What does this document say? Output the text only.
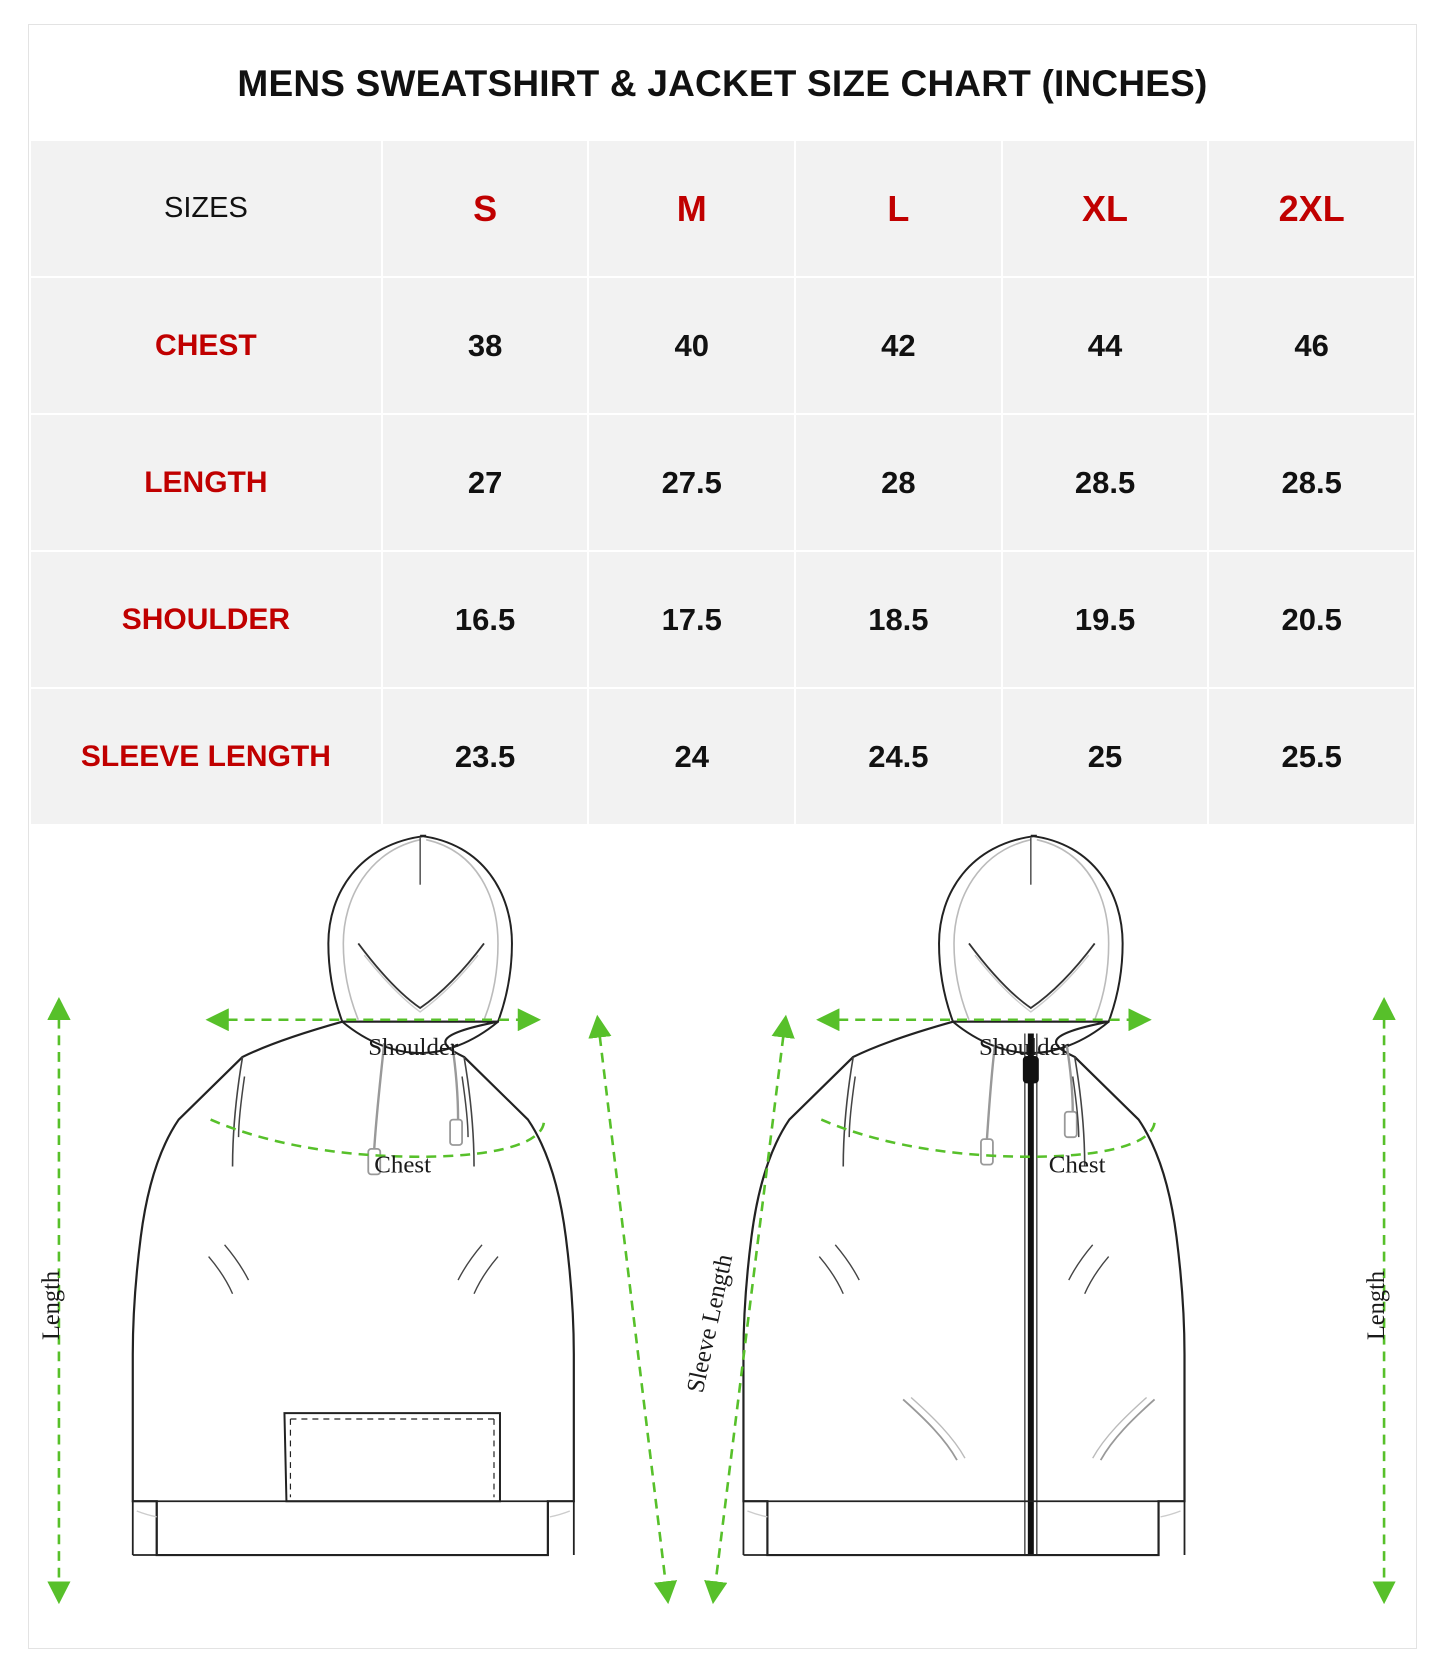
MENS SWEATSHIRT & JACKET SIZE CHART (INCHES)
SIZES	S	M	L	XL	2XL
CHEST	38	40	42	44	46
LENGTH	27	27.5	28	28.5	28.5
SHOULDER	16.5	17.5	18.5	19.5	20.5
SLEEVE LENGTH	23.5	24	24.5	25	25.5
Length
Shoulder
Chest
Length
Shoulder
Chest
Sleeve Length
